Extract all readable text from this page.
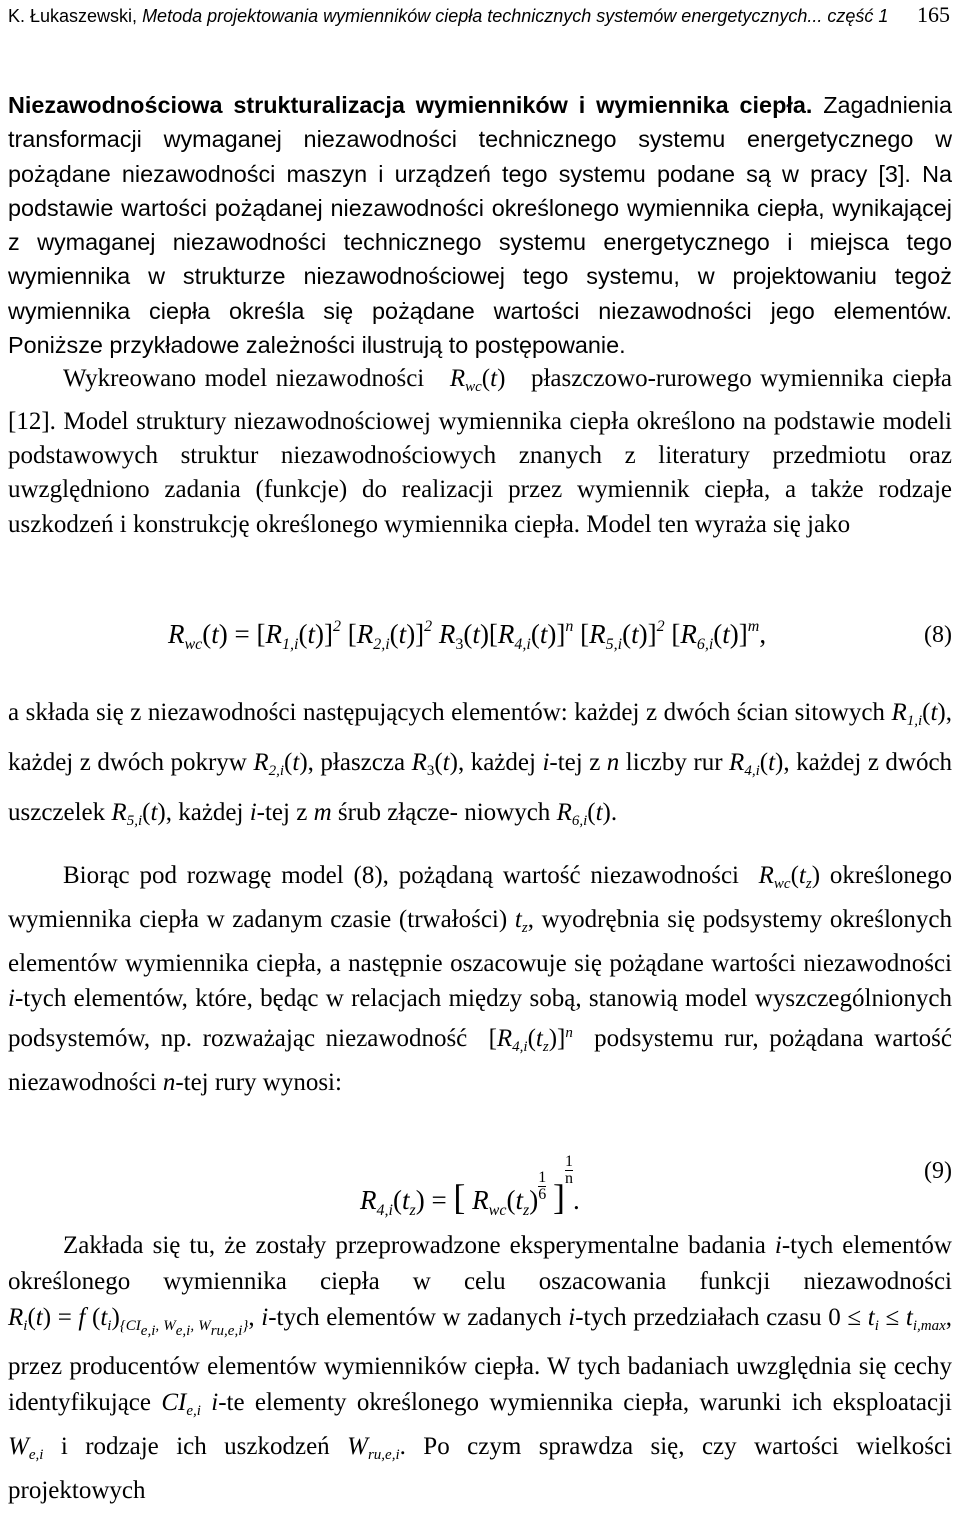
K. Łukaszewski, Metoda projektowania wymienników ciepła technicznych systemów energetycznych... część 1 165

Niezawodnościowa strukturalizacja wymienników i wymiennika ciepła. Zagadnienia transformacji wymaganej niezawodności technicznego systemu energetycznego w pożądane niezawodności maszyn i urządzeń tego systemu podane są w pracy [3]. Na podstawie wartości pożądanej niezawodności określonego wymiennika ciepła, wynikającej z wymaganej niezawodności technicznego systemu energetycznego i miejsca tego wymiennika w strukturze niezawodnościowej tego systemu, w projektowaniu tegoż wymiennika ciepła określa się pożądane wartości niezawodności jego elementów. Poniższe przykładowe zależności ilustrują to postępowanie.

Wykreowano model niezawodności $R_{wc}(t)$ płaszczowo-rurowego wymiennika ciepła [12]. Model struktury niezawodnościowej wymiennika ciepła określono na podstawie modeli podstawowych struktur niezawodnościowych znanych z literatury przedmiotu oraz uwzględniono zadania (funkcje) do realizacji przez wymiennik ciepła, a także rodzaje uszkodzeń i konstrukcję określonego wymiennika ciepła. Model ten wyraża się jako

$R_{wc}(t) = [R_{1,i}(t)]^2$ $[R_{2,i}(t)]^2$ $R_3(t)[R_{4,i}(t)]^n$ $[R_{5,i}(t)]^2$ $[R_{6,i}(t)]^m$,	(8)
a składa się z niezawodności następujących elementów: każdej z dwóch ścian sitowych $R_{1,i}(t)$, każdej z dwóch pokryw $R_{2,i}(t)$, płaszcza $R_3(t)$, każdej i-tej z n liczby rur $R_{4,i}(t)$, każdej z dwóch uszczelek $R_{5,i}(t)$, każdej i-tej z m śrub złącze- niowych $R_{6,i}(t)$.
Biorąc pod rozwagę model (8), pożądaną wartość niezawodności $R_{wc}(t_z)$ określonego wymiennika ciepła w zadanym czasie (trwałości) $t_z$, wyodrębnia się podsystemy określonych elementów wymiennika ciepła, a następnie oszacowuje się pożądane wartości niezawodności i-tych elementów, które, będąc w relacjach między sobą, stanowią model wyszczególnionych podsystemów, np. rozważając niezawodność $[R_{4,i}(t_z)]^n$ podsystemu rur, pożądana wartość niezawodności n-tej rury wynosi:
$R_{4,i}(t_z)$ = [ $R_{wc}(t_z)\frac{1}{6} ]\frac{1}{n}$
.
(9)
Zakłada się tu, że zostały przeprowadzone eksperymentalne badania i-tych elementów określonego wymiennika ciepła w celu oszacowania funkcji niezawodności $R_i(t) = f$ $(t_i)_{\{CI_{e,i}, W_{e,i}, W_{ru,e,i}\}}$, i-tych elementów w zadanych i-tych przedziałach czasu $0 \le t_i \le t_{i,max}$, przez producentów elementów wymienników ciepła. W tych badaniach uwzględnia się cechy identyfikujące $CI_{e,i}$ i-te elementy określonego wymiennika ciepła, warunki ich eksploatacji $W_{e,i}$ i rodzaje ich uszkodzeń $W_{ru,e,i}$. Po czym sprawdza się, czy wartości wielkości projektowych
